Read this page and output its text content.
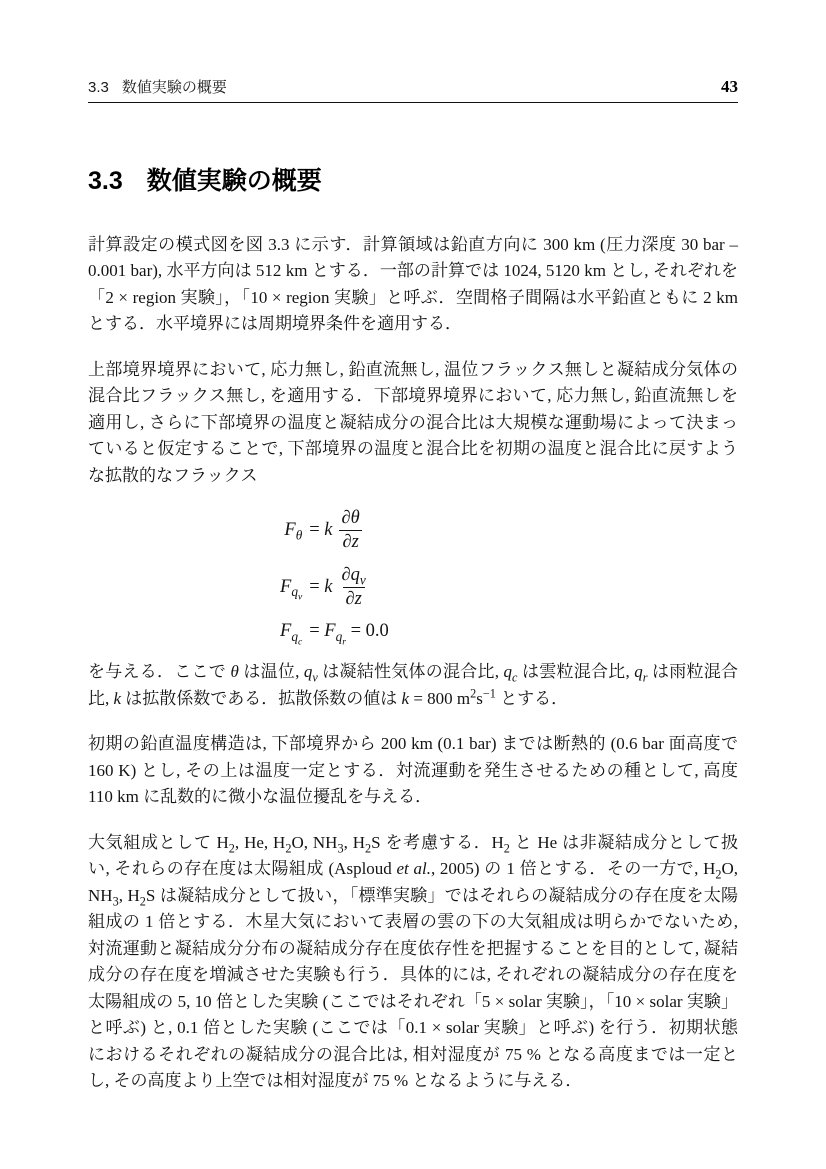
3.3 数値実験の概要	43
3.3 数値実験の概要

計算設定の模式図を図 3.3 に示す．計算領域は鉛直方向に 300 km (圧力深度 30 bar – 0.001 bar), 水平方向は 512 km とする．一部の計算では 1024, 5120 km とし, それぞれを「2 × region 実験」，「10 × region 実験」と呼ぶ．空間格子間隔は水平鉛直ともに 2 km とする．水平境界には周期境界条件を適用する．

上部境界境界において, 応力無し, 鉛直流無し, 温位フラックス無しと凝結成分気体の混合比フラックス無し, を適用する．下部境界境界において, 応力無し, 鉛直流無しを適用し, さらに下部境界の温度と凝結成分の混合比は大規模な運動場によって決まっていると仮定することで, 下部境界の温度と混合比を初期の温度と混合比に戻すような拡散的なフラックス

$F_\theta = k \frac{\partial\theta}{\partial z}$
$F_{q_v}$
= k $\frac{\partial q_v}{\partial z}$
$F_{q_c}$
= $F_{q_r} = 0.0$

を与える．ここで θ は温位, $q_v$ は凝結性気体の混合比, $q_c$ は雲粒混合比, $q_r$ は雨粒混合比, k は拡散係数である．拡散係数の値は k = 800 $m^2s^{-1}$ とする．

初期の鉛直温度構造は, 下部境界から 200 km (0.1 bar) までは断熱的 (0.6 bar 面高度で 160 K) とし, その上は温度一定とする．対流運動を発生させるための種として, 高度 110 km に乱数的に微小な温位擾乱を与える．

大気組成として $H_2$, He, $H_2O$, $NH_3$, $H_2S$ を考慮する．$H_2$ と He は非凝結成分として扱い, それらの存在度は太陽組成 (Asploud et al., 2005) の 1 倍とする．その一方で, $H_2O$, $NH_3$, $H_2S$ は凝結成分として扱い，「標準実験」ではそれらの凝結成分の存在度を太陽組成の 1 倍とする．木星大気において表層の雲の下の大気組成は明らかでないため, 対流運動と凝結成分分布の凝結成分存在度依存性を把握することを目的として, 凝結成分の存在度を増減させた実験も行う．具体的には, それぞれの凝結成分の存在度を太陽組成の 5, 10 倍とした実験 (ここではそれぞれ「5 × solar 実験」，「10 × solar 実験」と呼ぶ) と, 0.1 倍とした実験 (ここでは「0.1 × solar 実験」と呼ぶ) を行う．初期状態におけるそれぞれの凝結成分の混合比は, 相対湿度が 75 % となる高度までは一定とし, その高度より上空では相対湿度が 75 % となるように与える．
